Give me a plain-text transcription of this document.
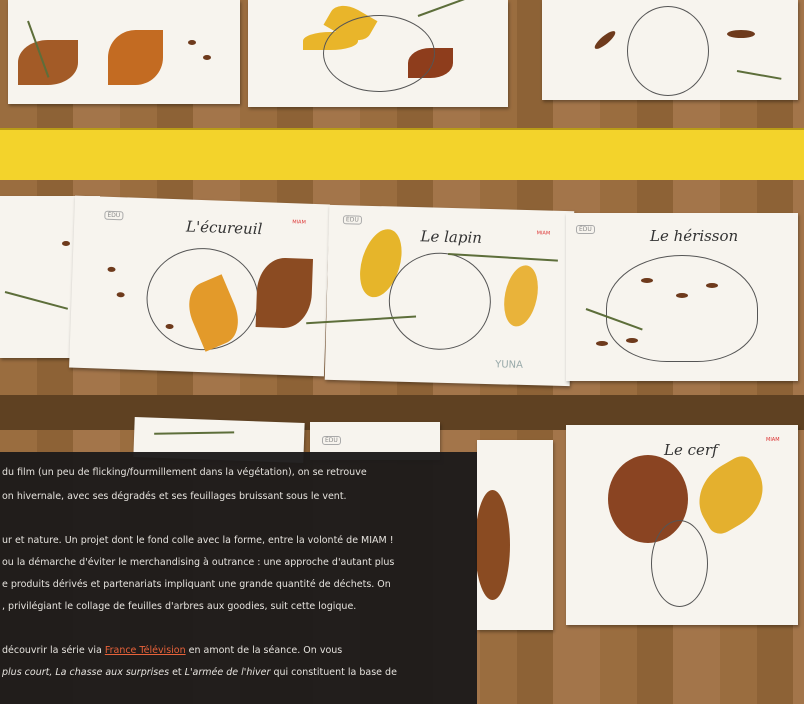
ÉDU
MIAM
L'écureuil	ÉDU
MIAM
Le lapin
YUNA
ÉDU	Le hérisson
ÉDU	MIAM
Le cerf

du film (un peu de flicking/fourmillement dans la végétation), on se retrouve

on hivernale, avec ses dégradés et ses feuillages bruissant sous le vent.

ur et nature. Un projet dont le fond colle avec la forme, entre la volonté de MIAM !

ou la démarche d'éviter le merchandising à outrance : une approche d'autant plus

e produits dérivés et partenariats impliquant une grande quantité de déchets. On

, privilégiant le collage de feuilles d'arbres aux goodies, suit cette logique.

découvrir la série via France Télévision en amont de la séance. On vous

plus court, La chasse aux surprises et L'armée de l'hiver qui constituent la base de
